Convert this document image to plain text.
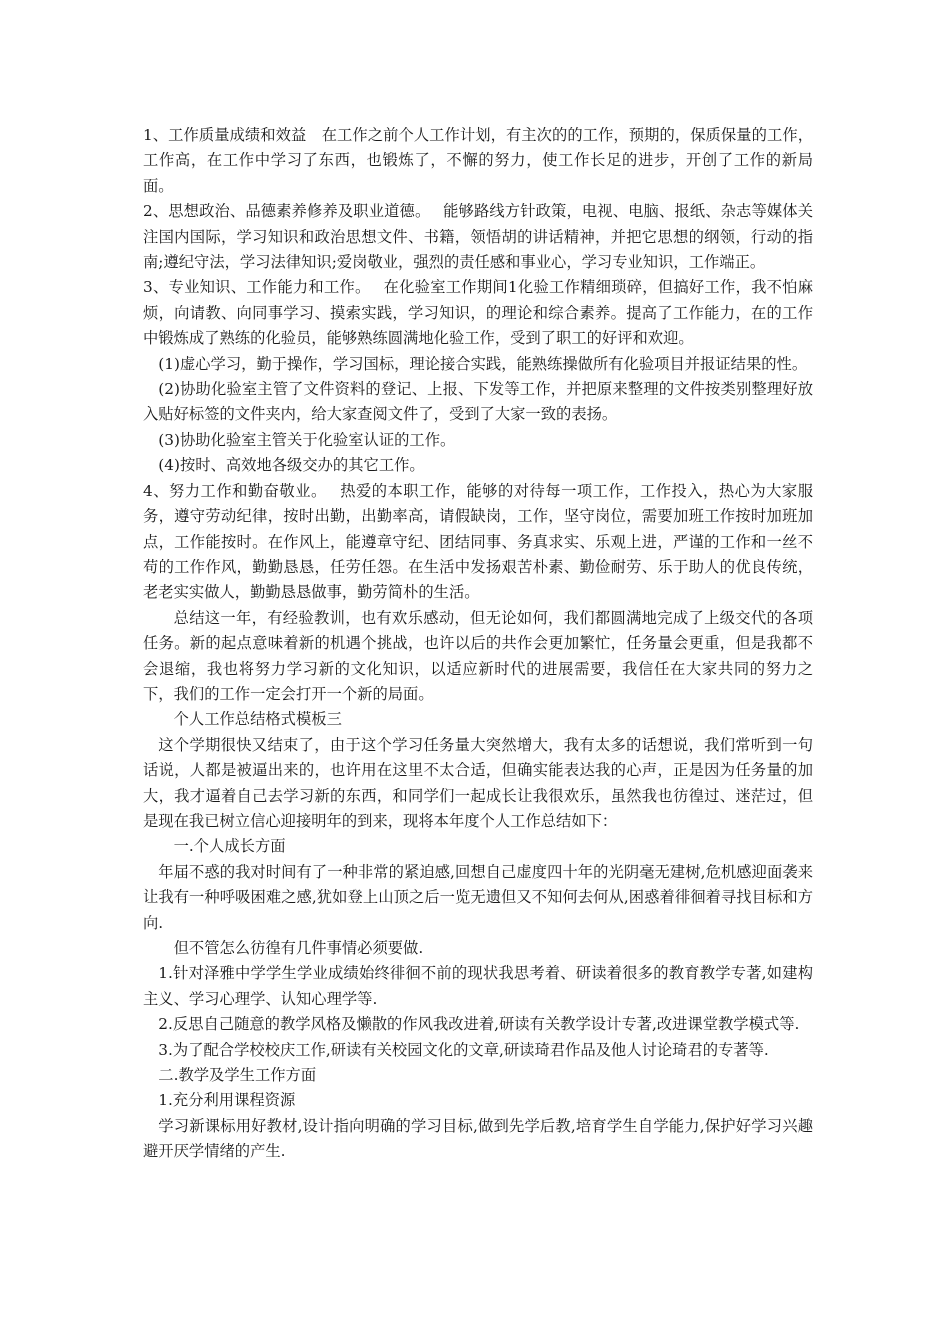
1、工作质量成绩和效益　在工作之前个人工作计划，有主次的的工作，预期的，保质保量的工作，工作高，在工作中学习了东西，也锻炼了，不懈的努力，使工作长足的进步，开创了工作的新局面。

2、思想政治、品德素养修养及职业道德。　 能够路线方针政策，电视、电脑、报纸、杂志等媒体关注国内国际，学习知识和政治思想文件、书籍，领悟胡的讲话精神，并把它思想的纲领，行动的指南;遵纪守法，学习法律知识;爱岗敬业，强烈的责任感和事业心，学习专业知识，工作端正。

3、专业知识、工作能力和工作。　 在化验室工作期间1化验工作精细琐碎，但搞好工作，我不怕麻烦，向请教、向同事学习、摸索实践，学习知识，的理论和综合素养。提高了工作能力，在的工作中锻炼成了熟练的化验员，能够熟练圆满地化验工作，受到了职工的好评和欢迎。

(1)虚心学习，勤于操作，学习国标，理论接合实践，能熟练操做所有化验项目并报证结果的性。

(2)协助化验室主管了文件资料的登记、上报、下发等工作，并把原来整理的文件按类别整理好放入贴好标签的文件夹内，给大家查阅文件了，受到了大家一致的表扬。

(3)协助化验室主管关于化验室认证的工作。

(4)按时、高效地各级交办的其它工作。

4、努力工作和勤奋敬业。　 热爱的本职工作，能够的对待每一项工作，工作投入，热心为大家服务，遵守劳动纪律，按时出勤，出勤率高，请假缺岗，工作，坚守岗位，需要加班工作按时加班加点，工作能按时。在作风上，能遵章守纪、团结同事、务真求实、乐观上进，严谨的工作和一丝不苟的工作作风，勤勤恳恳，任劳任怨。在生活中发扬艰苦朴素、勤俭耐劳、乐于助人的优良传统，老老实实做人，勤勤恳恳做事，勤劳简朴的生活。

总结这一年，有经验教训，也有欢乐感动，但无论如何，我们都圆满地完成了上级交代的各项任务。新的起点意味着新的机遇个挑战，也许以后的共作会更加繁忙，任务量会更重，但是我都不会退缩，我也将努力学习新的文化知识，以适应新时代的进展需要，我信任在大家共同的努力之下，我们的工作一定会打开一个新的局面。

个人工作总结格式模板三

这个学期很快又结束了，由于这个学习任务量大突然增大，我有太多的话想说，我们常听到一句话说，人都是被逼出来的，也许用在这里不太合适，但确实能表达我的心声，正是因为任务量的加大，我才逼着自己去学习新的东西，和同学们一起成长让我很欢乐，虽然我也彷徨过、迷茫过，但是现在我已树立信心迎接明年的到来，现将本年度个人工作总结如下：

一.个人成长方面

年届不惑的我对时间有了一种非常的紧迫感,回想自己虚度四十年的光阴毫无建树,危机感迎面袭来让我有一种呼吸困难之感,犹如登上山顶之后一览无遗但又不知何去何从,困惑着徘徊着寻找目标和方向.

但不管怎么彷徨有几件事情必须要做.

1.针对泽雅中学学生学业成绩始终徘徊不前的现状我思考着、研读着很多的教育教学专著,如建构主义、学习心理学、认知心理学等.

2.反思自己随意的教学风格及懒散的作风我改进着,研读有关教学设计专著,改进课堂教学模式等.

3.为了配合学校校庆工作,研读有关校园文化的文章,研读琦君作品及他人讨论琦君的专著等.

二.教学及学生工作方面

1.充分利用课程资源

学习新课标用好教材,设计指向明确的学习目标,做到先学后教,培育学生自学能力,保护好学习兴趣避开厌学情绪的产生.
